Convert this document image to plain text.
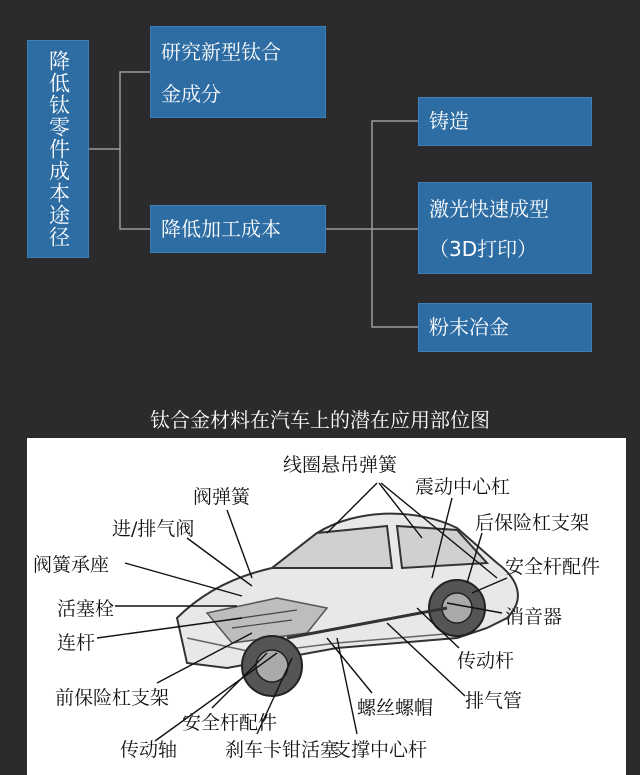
降低钛零件成本途径	研究新型钛合
金成分
降低加工成本
铸造
激光快速成型
（3D打印）
粉末冶金
钛合金材料在汽车上的潜在应用部位图
线圈悬吊弹簧
阀弹簧	震动中心杠
进/排气阀	后保险杠支架
阀簧承座	安全杆配件
活塞栓	消音器
连杆
传动杆
前保险杠支架	排气管
安全杆配件
螺丝螺帽
传动轴	刹车卡钳活塞
支撑中心杆
